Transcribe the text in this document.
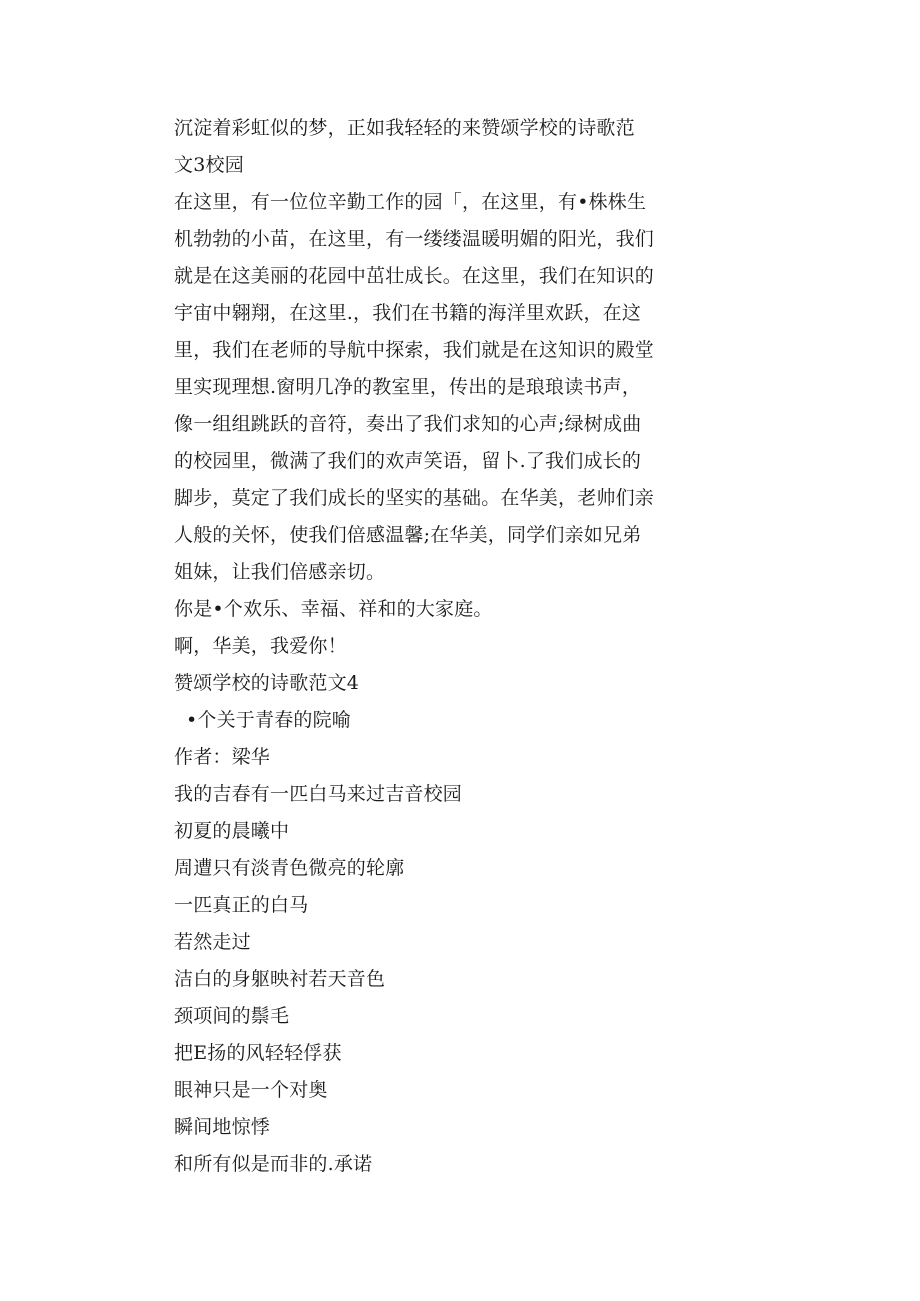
沉淀着彩虹似的梦，正如我轻轻的来赞颂学校的诗歌范
文3校园
在这里，有一位位辛勤工作的园「，在这里，有•株株生
机勃勃的小苗，在这里，有一缕缕温暖明媚的阳光，我们
就是在这美丽的花园中茁壮成长。在这里，我们在知识的
宇宙中翱翔，在这里.，我们在书籍的海洋里欢跃，在这
里，我们在老师的导航中探索，我们就是在这知识的殿堂
里实现理想.窗明几净的教室里，传出的是琅琅读书声，
像一组组跳跃的音符，奏出了我们求知的心声;绿树成曲
的校园里，微满了我们的欢声笑语，留卜.了我们成长的
脚步，莫定了我们成长的坚实的基础。在华美，老帅们亲
人般的关怀，使我们倍感温馨;在华美，同学们亲如兄弟
姐妹，让我们倍感亲切。
你是•个欢乐、幸福、祥和的大家庭。
啊，华美，我爱你！
赞颂学校的诗歌范文4
•个关于青春的院喻
作者：梁华
我的吉春有一匹白马来过吉音校园
初夏的晨曦中
周遭只有淡青色微亮的轮廓
一匹真正的白马
若然走过
洁白的身躯映衬若天音色
颈项间的鬃毛
把E扬的风轻轻俘获
眼神只是一个对奥
瞬间地惊悸
和所有似是而非的.承诺
